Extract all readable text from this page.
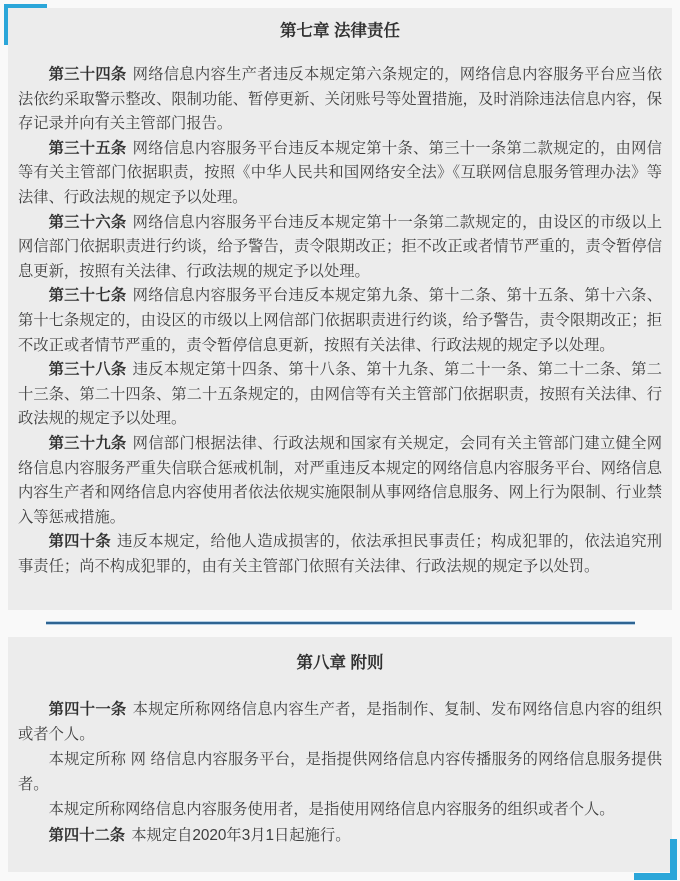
第七章 法律责任

第三十四条 网络信息内容生产者违反本规定第六条规定的，网络信息内容服务平台应当依法依约采取警示整改、限制功能、暂停更新、关闭账号等处置措施，及时消除违法信息内容，保存记录并向有关主管部门报告。

第三十五条 网络信息内容服务平台违反本规定第十条、第三十一条第二款规定的，由网信等有关主管部门依据职责，按照《中华人民共和国网络安全法》《互联网信息服务管理办法》等法律、行政法规的规定予以处理。

第三十六条 网络信息内容服务平台违反本规定第十一条第二款规定的，由设区的市级以上网信部门依据职责进行约谈，给予警告，责令限期改正；拒不改正或者情节严重的，责令暂停信息更新，按照有关法律、行政法规的规定予以处理。

第三十七条 网络信息内容服务平台违反本规定第九条、第十二条、第十五条、第十六条、第十七条规定的，由设区的市级以上网信部门依据职责进行约谈，给予警告，责令限期改正；拒不改正或者情节严重的，责令暂停信息更新，按照有关法律、行政法规的规定予以处理。

第三十八条 违反本规定第十四条、第十八条、第十九条、第二十一条、第二十二条、第二十三条、第二十四条、第二十五条规定的，由网信等有关主管部门依据职责，按照有关法律、行政法规的规定予以处理。

第三十九条 网信部门根据法律、行政法规和国家有关规定，会同有关主管部门建立健全网络信息内容服务严重失信联合惩戒机制，对严重违反本规定的网络信息内容服务平台、网络信息内容生产者和网络信息内容使用者依法依规实施限制从事网络信息服务、网上行为限制、行业禁入等惩戒措施。

第四十条 违反本规定，给他人造成损害的，依法承担民事责任；构成犯罪的，依法追究刑事责任；尚不构成犯罪的，由有关主管部门依照有关法律、行政法规的规定予以处罚。

第八章 附则

第四十一条 本规定所称网络信息内容生产者，是指制作、复制、发布网络信息内容的组织或者个人。

本规定所称 网 络信息内容服务平台，是指提供网络信息内容传播服务的网络信息服务提供者。

本规定所称网络信息内容服务使用者，是指使用网络信息内容服务的组织或者个人。

第四十二条 本规定自2020年3月1日起施行。
